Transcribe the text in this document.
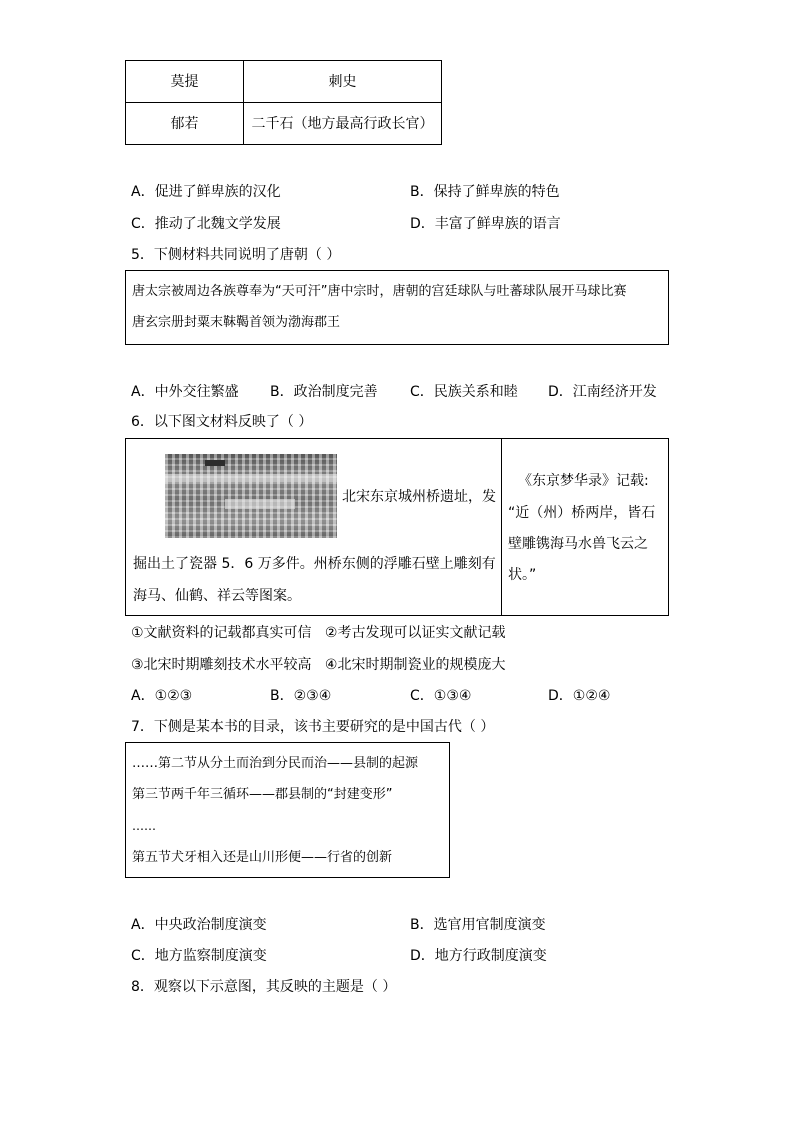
莫提	刺史
郁若	二千石（地方最高行政长官）
A．促进了鲜卑族的汉化	B．保持了鲜卑族的特色
C．推动了北魏文学发展	D．丰富了鲜卑族的语言
5．下侧材料共同说明了唐朝（ ）
唐太宗被周边各族尊奉为“天可汗”唐中宗时，唐朝的宫廷球队与吐蕃球队展开马球比赛
唐玄宗册封粟末靺鞨首领为渤海郡王
A．中外交往繁盛 B．政治制度完善 C．民族关系和睦 D．江南经济开发
6．以下图文材料反映了（ ）
北宋东京城州桥遗址，发
掘出土了瓷器 5．6 万多件。州桥东侧的浮雕石壁上雕刻有
海马、仙鹤、祥云等图案。
《东京梦华录》记载:
“近（州）桥两岸，皆石
壁雕镌海马水兽飞云之
状。”
①文献资料的记载都真实可信   ②考古发现可以证实文献记载
③北宋时期雕刻技术水平较高   ④北宋时期制瓷业的规模庞大
A．①②③	B．②③④	C．①③④	D．①②④
7．下侧是某本书的目录，该书主要研究的是中国古代（ ）
……第二节从分土而治到分民而治——县制的起源
第三节两千年三循环——郡县制的“封建变形”
……
第五节犬牙相入还是山川形便——行省的创新
A．中央政治制度演变	B．选官用官制度演变
C．地方监察制度演变	D．地方行政制度演变
8．观察以下示意图，其反映的主题是（ ）
